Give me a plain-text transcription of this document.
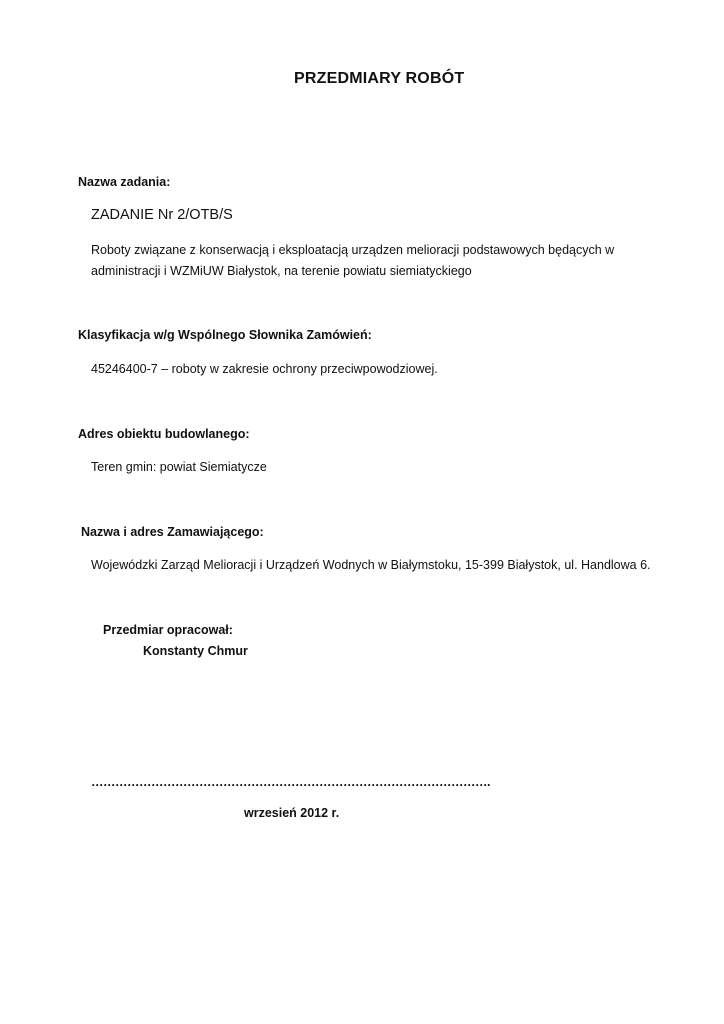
PRZEDMIARY ROBÓT
Nazwa zadania:
ZADANIE Nr 2/OTB/S
Roboty związane z konserwacją i eksploatacją urządzen melioracji podstawowych będących w
administracji i WZMiUW Białystok, na terenie powiatu siemiatyckiego
Klasyfikacja w/g Wspólnego Słownika Zamówień:
45246400-7 – roboty w zakresie ochrony przeciwpowodziowej.
Adres obiektu budowlanego:
Teren gmin: powiat Siemiatycze
Nazwa i adres Zamawiającego:
Wojewódzki Zarząd Melioracji i Urządzeń Wodnych w Białymstoku, 15-399 Białystok, ul. Handlowa 6.
Przedmiar opracował:
Konstanty Chmur
……………………………………………………………………………………….
wrzesień 2012 r.
